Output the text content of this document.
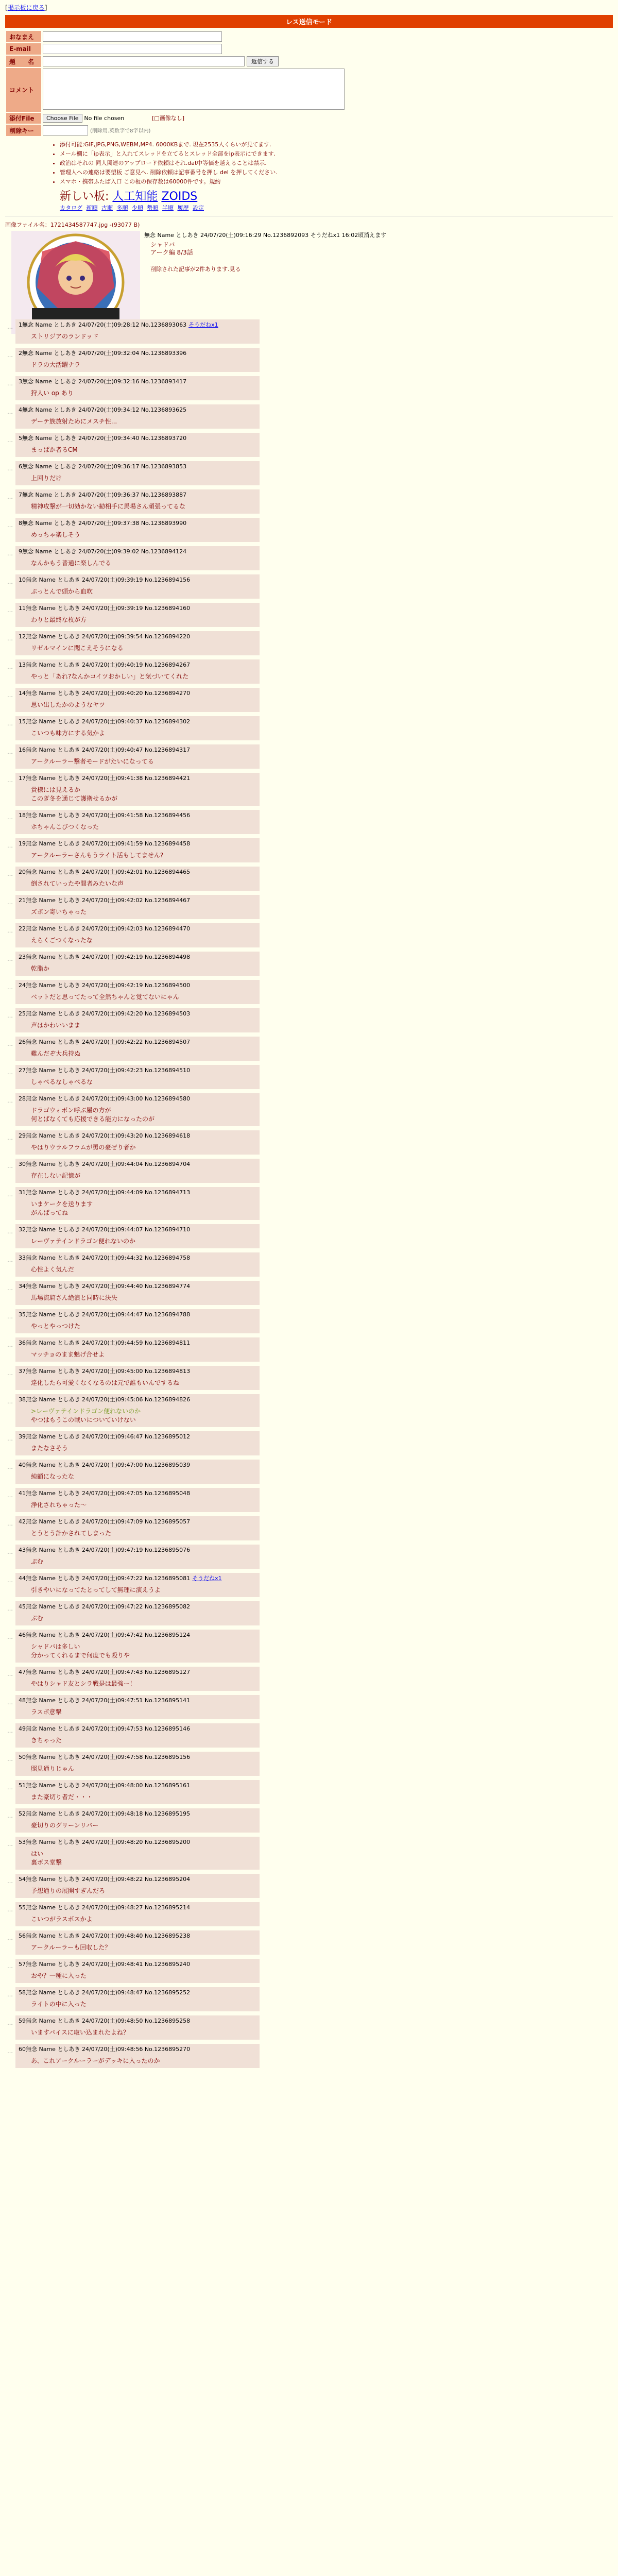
[掲示板に戻る]
レス送信モード
おなまえ	
E-mail	
題　　名	返信する
コメント	
添付File	Choose File No file chosen [□画像なし]
削除キー	(削除用.英数字で8字以内)
• 添付可能:GIF,JPG,PNG,WEBM,MP4. 6000KBまで. 現在2535人くらいが見てます.
• メール欄に「ip表示」と入れてスレッドを立てるとスレッド全部をip表示にできます.
• 政治はそれの 同人関連のアップロード依頼はそれ.dat中等価を越えることは禁示.
• 管理人への連絡は要望板 ご意見へ. 削除依頼は記事番号を押し del を押してください.
• スマホ・携帯ふたば入口 この板の保存数は60000件です。規約
新しい板: 人工知能 ZOIDS
カタログ 新順 古順 多順 少順 勢順 半順 履歴 設定
画像ファイル名：1721434587747.jpg -(93077 B)
無念 Name としあき 24/07/20(土)09:16:29 No.1236892093 そうだねx1 16:02頃消えます
シャドバ
アーク編 8/3話
削除された記事が2件あります.見る
… 1無念 Name としあき 24/07/20(土)09:28:12 No.1236893063 そうだねx1
ストリジアのランドッド
… 2無念 Name としあき 24/07/20(土)09:32:04 No.1236893396
ドラの大活躍ナラ
… 3無念 Name としあき 24/07/20(土)09:32:16 No.1236893417
狩人い op あり
… 4無念 Name としあき 24/07/20(土)09:34:12 No.1236893625
デーテ族放射ためにメスチ性...
… 5無念 Name としあき 24/07/20(土)09:34:40 No.1236893720
まっぱか者るCM
… 6無念 Name としあき 24/07/20(土)09:36:17 No.1236893853
上回りだけ
… 7無念 Name としあき 24/07/20(土)09:36:37 No.1236893887
精神攻撃が一切効かない勧相手に馬場さん頑張ってるな
… 8無念 Name としあき 24/07/20(土)09:37:38 No.1236893990
めっちゃ楽しそう
… 9無念 Name としあき 24/07/20(土)09:39:02 No.1236894124
なんかもう普通に楽しんでる
… 10無念 Name としあき 24/07/20(土)09:39:19 No.1236894156
ぷっとんで頭から血吹
… 11無念 Name としあき 24/07/20(土)09:39:19 No.1236894160
わりと最終な枚が方
… 12無念 Name としあき 24/07/20(土)09:39:54 No.1236894220
リゼルマインに聞こえそうになる
… 13無念 Name としあき 24/07/20(土)09:40:19 No.1236894267
やっと「あれ?なんかコイツおかしい」と気づいてくれた
… 14無念 Name としあき 24/07/20(土)09:40:20 No.1236894270
思い出したかのようなヤツ
… 15無念 Name としあき 24/07/20(土)09:40:37 No.1236894302
こいつも味方にする気かよ
… 16無念 Name としあき 24/07/20(土)09:40:47 No.1236894317
アークルーラー撃者モードがたいになってる
… 17無念 Name としあき 24/07/20(土)09:41:38 No.1236894421
貴様には見えるか
このぎ冬を通じて護衛せるかが
… 18無念 Name としあき 24/07/20(土)09:41:58 No.1236894456
ホちゃんこびつくなった
… 19無念 Name としあき 24/07/20(土)09:41:59 No.1236894458
アークルーラーさんもうライト活もしてません?
… 20無念 Name としあき 24/07/20(土)09:42:01 No.1236894465
倒されていったや間者みたいな声
… 21無念 Name としあき 24/07/20(土)09:42:02 No.1236894467
ズボン寄いちゃった
… 22無念 Name としあき 24/07/20(土)09:42:03 No.1236894470
えらくごつくなったな
… 23無念 Name としあき 24/07/20(土)09:42:19 No.1236894498
乾脂か
… 24無念 Name としあき 24/07/20(土)09:42:19 No.1236894500
ベットだと思ってたって全然ちゃんと覚てないにゃん
… 25無念 Name としあき 24/07/20(土)09:42:20 No.1236894503
声はかわいいまま
… 26無念 Name としあき 24/07/20(土)09:42:22 No.1236894507
難んだぞ大兵持ぬ
… 27無念 Name としあき 24/07/20(土)09:42:23 No.1236894510
しゃべるなしゃべるな
… 28無念 Name としあき 24/07/20(土)09:43:00 No.1236894580
ドラゴウォボン呼ぶ屋の方が
何とばなくても応援できる能力になったのが
… 29無念 Name としあき 24/07/20(土)09:43:20 No.1236894618
やはりウラルフラムが勇の豪ぜり者か
… 30無念 Name としあき 24/07/20(土)09:44:04 No.1236894704
存在しない記憶が
… 31無念 Name としあき 24/07/20(土)09:44:09 No.1236894713
いまケークを送ります
がんばってね
… 32無念 Name としあき 24/07/20(土)09:44:07 No.1236894710
レーヴァテインドラゴン便れないのか
… 33無念 Name としあき 24/07/20(土)09:44:32 No.1236894758
心性よく気んだ
… 34無念 Name としあき 24/07/20(土)09:44:40 No.1236894774
馬場流騎さん絶浪と同時に決失
… 35無念 Name としあき 24/07/20(土)09:44:47 No.1236894788
やっとやっつけた
… 36無念 Name としあき 24/07/20(土)09:44:59 No.1236894811
マッチョのまま魅げ合せよ
… 37無念 Name としあき 24/07/20(土)09:45:00 No.1236894813
達化したら可愛くなくなるのは元で誰もいんでするね
… 38無念 Name としあき 24/07/20(土)09:45:06 No.1236894826
>レーヴァテインドラゴン便れないのか
やつはもうこの戦いについていけない
… 39無念 Name としあき 24/07/20(土)09:46:47 No.1236895012
またなさそう
… 40無念 Name としあき 24/07/20(土)09:47:00 No.1236895039
純顧になったな
… 41無念 Name としあき 24/07/20(土)09:47:05 No.1236895048
浄化されちゃった～
… 42無念 Name としあき 24/07/20(土)09:47:09 No.1236895057
とうとう計かされてしまった
… 43無念 Name としあき 24/07/20(土)09:47:19 No.1236895076
ぷむ
… 44無念 Name としあき 24/07/20(土)09:47:22 No.1236895081 そうだねx1
引きやいになってたとってして無理に演えうよ
… 45無念 Name としあき 24/07/20(土)09:47:22 No.1236895082
ぷむ
… 46無念 Name としあき 24/07/20(土)09:47:42 No.1236895124
シャドバは多しい
分かってくれるまで何度でも殴りや
… 47無念 Name としあき 24/07/20(土)09:47:43 No.1236895127
やはりシャド友とシラ戦是は最強ー！
… 48無念 Name としあき 24/07/20(土)09:47:51 No.1236895141
ラスボ意撃
… 49無念 Name としあき 24/07/20(土)09:47:53 No.1236895146
きちゃった
… 50無念 Name としあき 24/07/20(土)09:47:58 No.1236895156
照見通りじゃん
… 51無念 Name としあき 24/07/20(土)09:48:00 No.1236895161
また豪切り者だ・・・
… 52無念 Name としあき 24/07/20(土)09:48:18 No.1236895195
豪切りのグリーンリバー
… 53無念 Name としあき 24/07/20(土)09:48:20 No.1236895200
はい
裏ボス堂撃
… 54無念 Name としあき 24/07/20(土)09:48:22 No.1236895204
予想通りの展開すぎんだろ
… 55無念 Name としあき 24/07/20(土)09:48:27 No.1236895214
こいつがラスボスかよ
… 56無念 Name としあき 24/07/20(土)09:48:40 No.1236895238
アークルーラーも回収した？
… 57無念 Name としあき 24/07/20(土)09:48:41 No.1236895240
おや？一種に入った
… 58無念 Name としあき 24/07/20(土)09:48:47 No.1236895252
ライトの中に入った
… 59無念 Name としあき 24/07/20(土)09:48:50 No.1236895258
いますパイスに取い込まれたよね？
… 60無念 Name としあき 24/07/20(土)09:48:56 No.1236895270
あ、これアークルーラーがデッキに入ったのか
